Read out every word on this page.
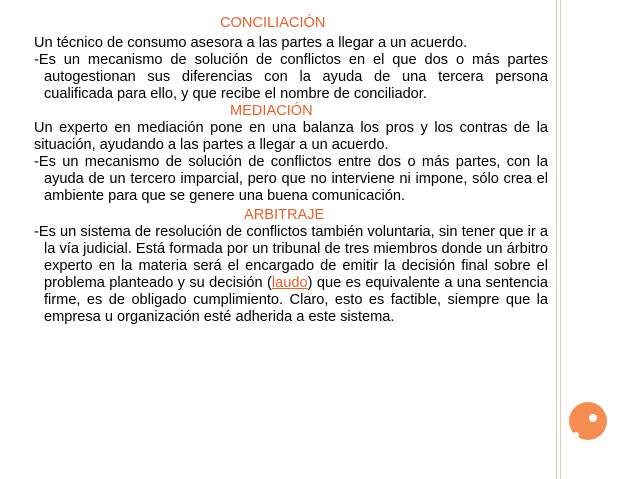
CONCILIACIÓN

Un técnico de consumo asesora a las partes a llegar a un acuerdo.

-Es un mecanismo de solución de conflictos en el que dos o más partes autogestionan sus diferencias con la ayuda de una tercera persona cualificada para ello, y que recibe el nombre de conciliador.

MEDIACIÓN

Un experto en mediación pone en una balanza los pros y los contras de la situación, ayudando a las partes a llegar a un acuerdo.

-Es un mecanismo de solución de conflictos entre dos o más partes, con la ayuda de un tercero imparcial, pero que no interviene ni impone, sólo crea el ambiente para que se genere una buena comunicación.

ARBITRAJE

-Es un sistema de resolución de conflictos también voluntaria, sin tener que ir a la vía judicial. Está formada por un tribunal de tres miembros donde un árbitro experto en la materia será el encargado de emitir la decisión final sobre el problema planteado y su decisión (laudo) que es equivalente a una sentencia firme, es de obligado cumplimiento. Claro, esto es factible, siempre que la empresa u organización esté adherida a este sistema.
